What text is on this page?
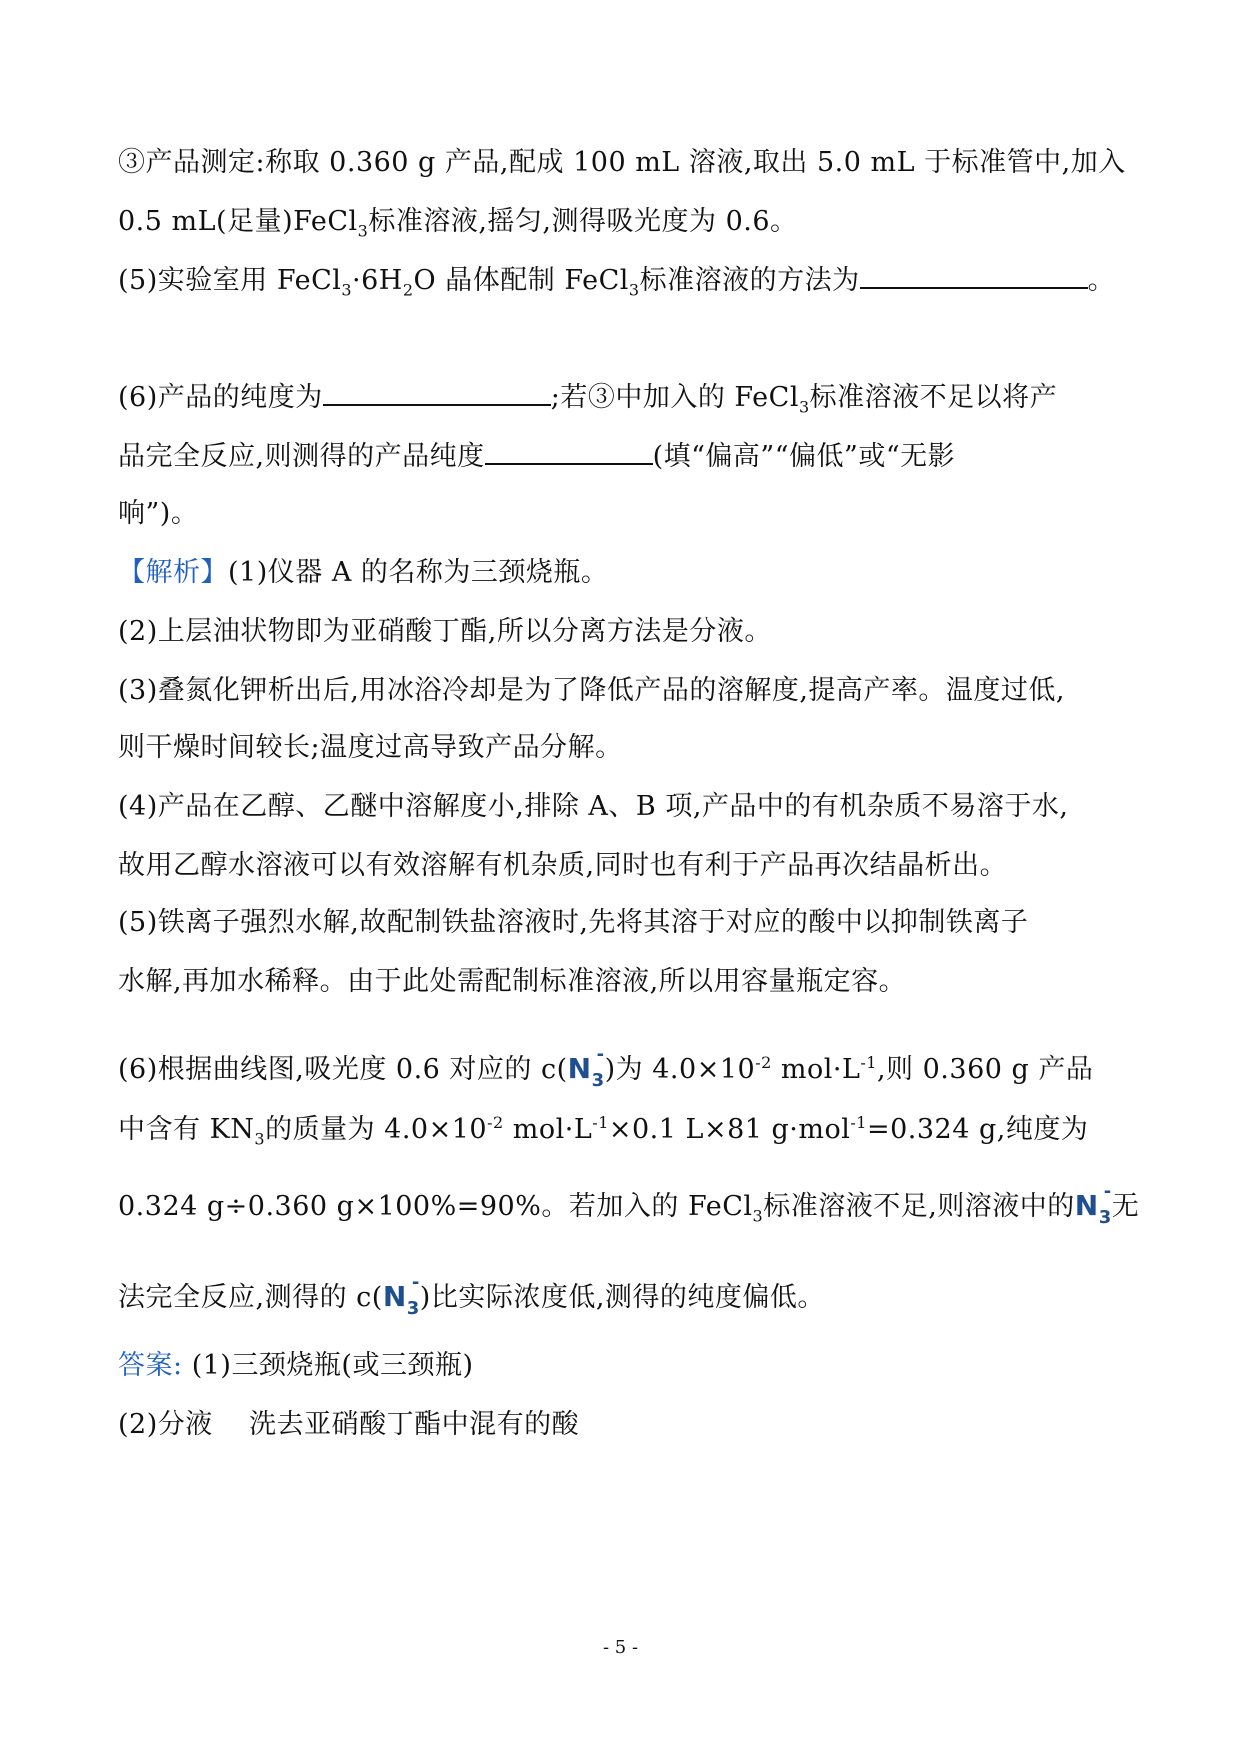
③产品测定:称取 0.360 g 产品,配成 100 mL 溶液,取出 5.0 mL 于标准管中,加入
0.5 mL(足量)FeCl$_3$标准溶液,摇匀,测得吸光度为 0.6。
(5)实验室用 $FeCl_3\cdot 6H_2O$ 晶体配制 FeCl$_3$标准溶液的方法为	。
(6)产品的纯度为	;若③中加入的 FeCl$_3$标准溶液不足以将产
品完全反应,则测得的产品纯度	(填“偏高”“偏低”或“无影
响”)。
【解析】(1)仪器 A 的名称为三颈烧瓶。
(2)上层油状物即为亚硝酸丁酯,所以分离方法是分液。
(3)叠氮化钾析出后,用冰浴冷却是为了降低产品的溶解度,提高产率。温度过低,
则干燥时间较长;温度过高导致产品分解。
(4)产品在乙醇、乙醚中溶解度小,排除 A、B 项,产品中的有机杂质不易溶于水,
故用乙醇水溶液可以有效溶解有机杂质,同时也有利于产品再次结晶析出。
(5)铁离子强烈水解,故配制铁盐溶液时,先将其溶于对应的酸中以抑制铁离子
水解,再加水稀释。由于此处需配制标准溶液,所以用容量瓶定容。
(6)根据曲线图,吸光度 0.6 对应的 $c(N_3$
- )为 $4.0\times 10^{-2}$ $mol\cdot L^{-1}$,则 0.360 g 产品
中含有 $KN_3$的质量为 $4.0\times 10^{-2}$ $mol\cdot L^{-1}\times 0.1$ L×81 g·mol$^{-1}$=0.324 g,纯度为
0.324 g÷0.360 g×100%=90%。若加入的 FeCl$_3$标准溶液不足,则溶液中的$N_3$
- 无
法完全反应,测得的 $c(N_3$
- )比实际浓度低,测得的纯度偏低。
答案: (1)三颈烧瓶(或三颈瓶)
(2)分液    洗去亚硝酸丁酯中混有的酸
- 5 -
